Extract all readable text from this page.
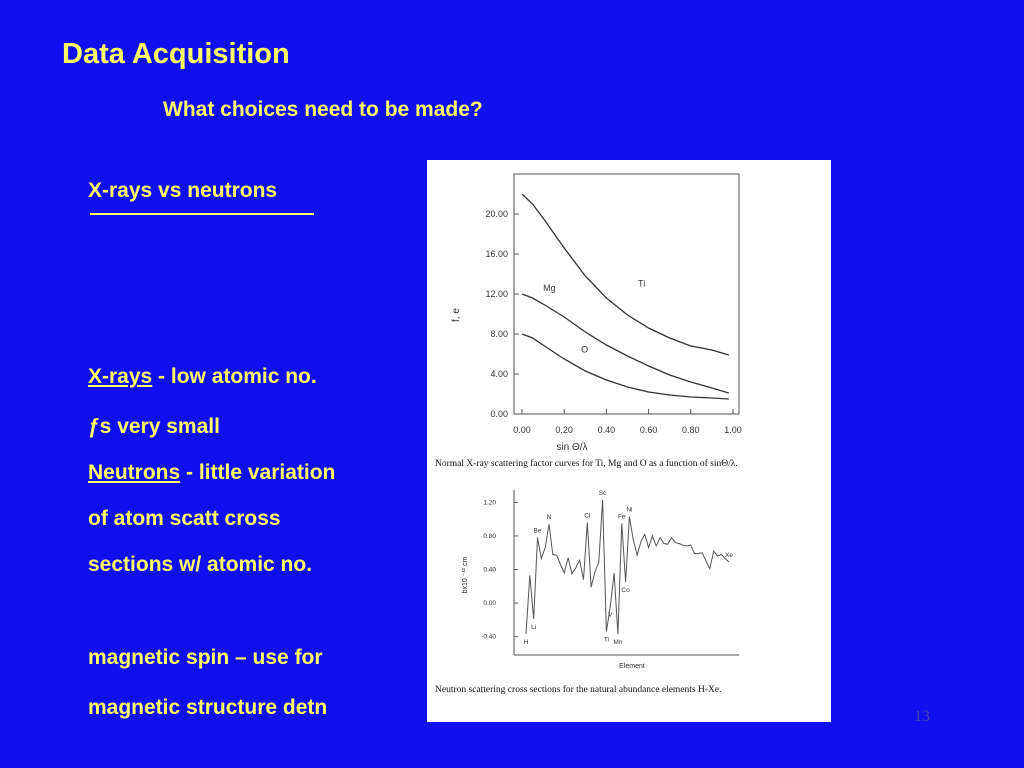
Data Acquisition
What choices need to be made?
X-rays vs neutrons
X-rays - low atomic no.
ƒs very small
Neutrons - little variation
of atom scatt cross
sections w/ atomic no.
magnetic spin – use for
magnetic structure detn
f, e
sin Θ/λ
Normal X-ray scattering factor curves for Ti, Mg and O as a function of sinΘ/λ.
0.00
4.00
8.00
12.00
16.00
20.00
0.00	0.20	0.40	0.60	0.80	1.00
Ti
Mg
O
bx10 ⁻¹² cm
Element
Neutron scattering cross sections for the natural abundance elements H-Xe.
-0.40
0.00
0.40
0.80
1.20
H
Li
Be
N	Cl
Ti
V
Sc
Mn
Fe
Co
Ni
Xe
13
